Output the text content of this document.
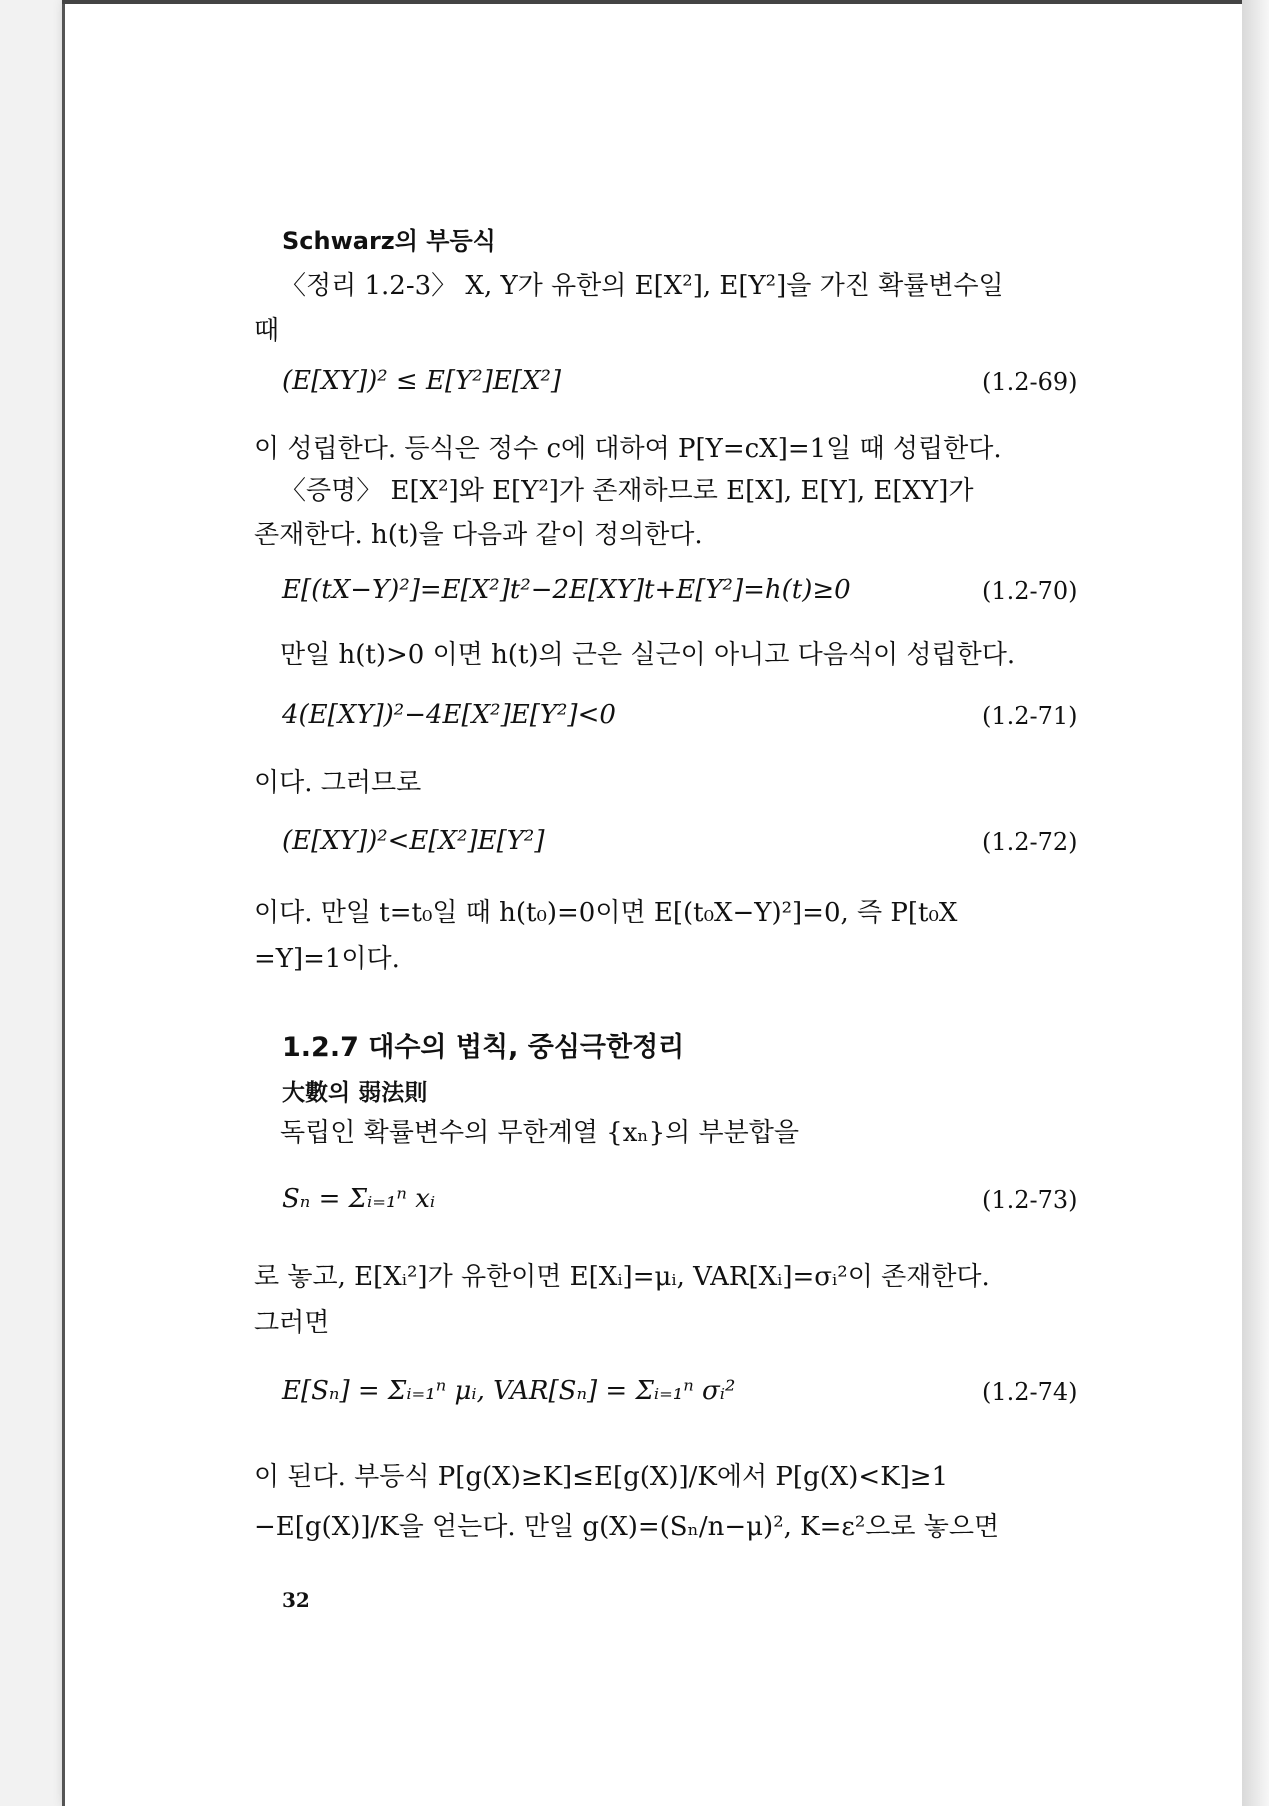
Schwarz의 부등식
〈정리 1.2-3〉 X, Y가 유한의 E[X²], E[Y²]을 가진 확률변수일
때
(E[XY])² ≤ E[Y²]E[X²]	(1.2-69)
이 성립한다. 등식은 정수 c에 대하여 P[Y=cX]=1일 때 성립한다.
〈증명〉 E[X²]와 E[Y²]가 존재하므로 E[X], E[Y], E[XY]가
존재한다. h(t)을 다음과 같이 정의한다.
E[(tX−Y)²]=E[X²]t²−2E[XY]t+E[Y²]=h(t)≥0	(1.2-70)
만일 h(t)>0 이면 h(t)의 근은 실근이 아니고 다음식이 성립한다.
4(E[XY])²−4E[X²]E[Y²]<0	(1.2-71)
이다. 그러므로
(E[XY])²<E[X²]E[Y²]	(1.2-72)
이다. 만일 t=t₀일 때 h(t₀)=0이면 E[(t₀X−Y)²]=0, 즉 P[t₀X
=Y]=1이다.
1.2.7 대수의 법칙, 중심극한정리
大數의 弱法則
독립인 확률변수의 무한계열 {xₙ}의 부분합을
Sₙ = Σᵢ₌₁ⁿ xᵢ	(1.2-73)
로 놓고, E[Xᵢ²]가 유한이면 E[Xᵢ]=μᵢ, VAR[Xᵢ]=σᵢ²이 존재한다.
그러면
E[Sₙ] = Σᵢ₌₁ⁿ μᵢ, VAR[Sₙ] = Σᵢ₌₁ⁿ σᵢ²	(1.2-74)
이 된다. 부등식 P[g(X)≥K]≤E[g(X)]/K에서 P[g(X)<K]≥1
−E[g(X)]/K을 얻는다. 만일 g(X)=(Sₙ/n−μ)², K=ε²으로 놓으면
32
